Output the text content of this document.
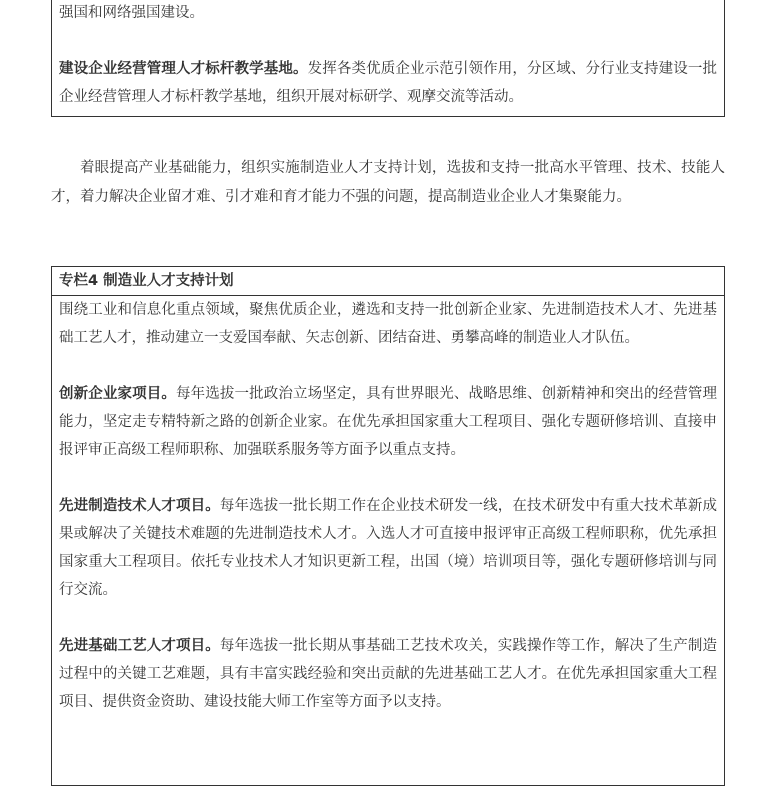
强国和网络强国建设。

建设企业经营管理人才标杆教学基地。发挥各类优质企业示范引领作用，分区域、分行业支持建设一批企业经营管理人才标杆教学基地，组织开展对标研学、观摩交流等活动。

着眼提高产业基础能力，组织实施制造业人才支持计划，选拔和支持一批高水平管理、技术、技能人才，着力解决企业留才难、引才难和育才能力不强的问题，提高制造业企业人才集聚能力。

专栏4 制造业人才支持计划

围绕工业和信息化重点领域，聚焦优质企业，遴选和支持一批创新企业家、先进制造技术人才、先进基础工艺人才，推动建立一支爱国奉献、矢志创新、团结奋进、勇攀高峰的制造业人才队伍。

创新企业家项目。每年选拔一批政治立场坚定，具有世界眼光、战略思维、创新精神和突出的经营管理能力，坚定走专精特新之路的创新企业家。在优先承担国家重大工程项目、强化专题研修培训、直接申报评审正高级工程师职称、加强联系服务等方面予以重点支持。

先进制造技术人才项目。每年选拔一批长期工作在企业技术研发一线，在技术研发中有重大技术革新成果或解决了关键技术难题的先进制造技术人才。入选人才可直接申报评审正高级工程师职称，优先承担国家重大工程项目。依托专业技术人才知识更新工程，出国（境）培训项目等，强化专题研修培训与同行交流。

先进基础工艺人才项目。每年选拔一批长期从事基础工艺技术攻关，实践操作等工作，解决了生产制造过程中的关键工艺难题，具有丰富实践经验和突出贡献的先进基础工艺人才。在优先承担国家重大工程项目、提供资金资助、建设技能大师工作室等方面予以支持。
